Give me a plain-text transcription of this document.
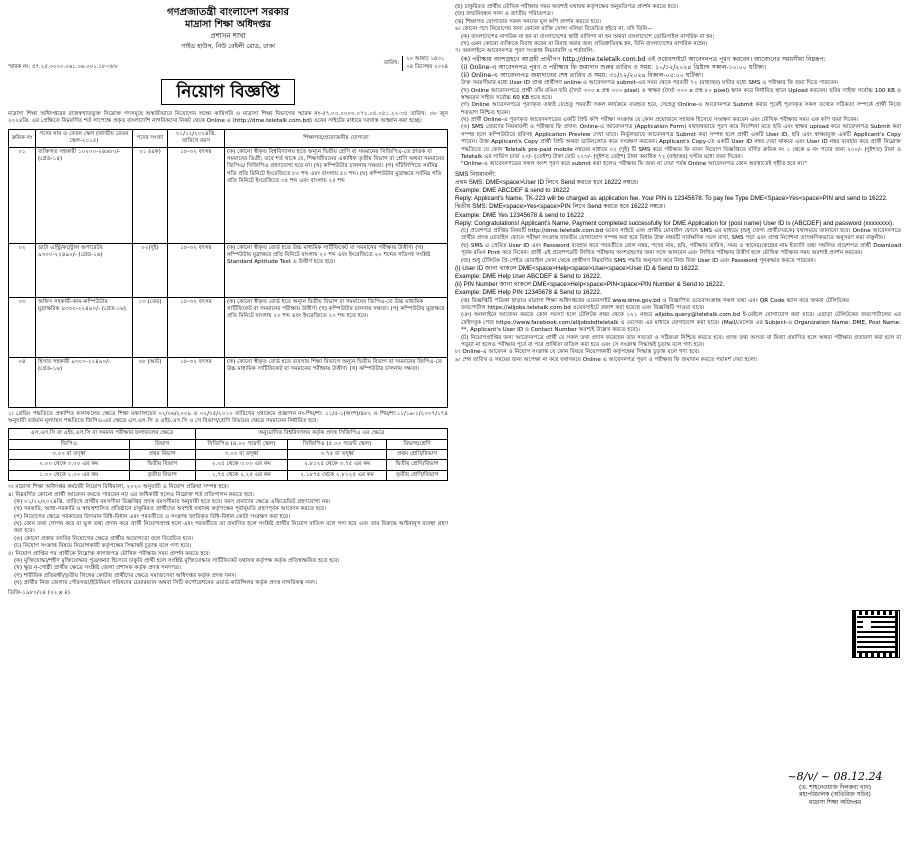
গণপ্রজাতন্ত্রী বাংলাদেশ সরকার
মাদ্রাসা শিক্ষা অধিদপ্তর
প্রশাসন শাখা
গাইড হাউস, নিউ বেইলী রোড, ঢাকা
স্মারক নং: ৫৭.২৫.০০০০.০৬১.০৬.০০১.১৮-৩৮৮
তারিখ:
২০ আষাঢ় ১৪৩১
০৪ ডিসেম্বর ২০২৪
নিয়োগ বিজ্ঞপ্তি
মাদ্রাসা শিক্ষা অধিদপ্তরের রাজস্বখাতভুক্ত নিম্নোক্ত পদসমূহে অস্থায়ীভাবে নিয়োগের লক্ষ্যে কারিগরি ও মাদ্রাসা শিক্ষা বিভাগের স্মারক নং-৫৭.০০.০০০০.০৭২.০৫.০৫১.২২-৩৫ তারিখ: ০৮ জুন ২০২৪খ্রি. এর প্রেক্ষিতে নিম্নবর্ণিত শর্ত সাপেক্ষে প্রকৃত বাংলাদেশি নাগরিকদের নিকট থেকে Online এ (http://dme.teletalk.com.bd) ওয়েব সাইটের মাধ্যমে দরখাস্ত আহ্বান করা হচ্ছে।
ক্রমিক নং	পদের নাম ও বেতন স্কেল (জাতীয় বেতন স্কেল-২০১৫)	পদের সংখ্যা	০১/১২/২০২৪খ্রি. তারিখে বয়স	শিক্ষাগত/প্রয়োজনীয় যোগ্যতা
০১	ব্যক্তিগত সহকারী ১০২০০-২৪৬৮০/- (গ্রেড-১৪)	০১ (এক)	১৮-৩২ বৎসর	(ক) কোনো স্বীকৃত বিশ্ববিদ্যালয় হতে অন্যূন দ্বিতীয় শ্রেণি বা সমমানের সিজিপিএ-তে স্নাতক বা সমমানের ডিগ্রী; তবে শর্ত থাকে যে, শিক্ষাজীবনের একাধিক তৃতীয় বিভাগ বা শ্রেণি অথবা সমমানের জিপিএ/ সিজিপিএ গ্রহণযোগ্য হবে না। (খ) কম্পিউটার চালনায় দক্ষতা। (গ) সাঁটলিপিতে সর্বনিম্ন গতি প্রতি মিনিটে ইংরেজিতে ৮০ শব্দ এবং বাংলায় ৫০ শব্দ। (ঘ) কম্পিউটার মুদ্রাক্ষরে সর্বনিম্ন গতি প্রতি মিনিটে ইংরেজিতে ৩৫ শব্দ এবং বাংলায় ২৫ শব্দ
০২	ডাটা এন্ট্রি/কন্ট্রোল অপারেটর ৯৩০০-২২৪৯০/- (গ্রেড-১৬)	০২(দুই)	১৮-৩২ বৎসর	(ক) কোনো স্বীকৃত বোর্ড হতে উচ্চ মাধ্যমিক সার্টিফিকেট বা সমমানের পরীক্ষায় উত্তীর্ণ। (খ) কম্পিউটার মুদ্রাক্ষরে প্রতি মিনিটে বাংলায় ২০ শব্দ এবং ইংরেজিতে ২০ শব্দের গতিসহ সংশ্লিষ্ট Standard Aptitude Test এ উত্তীর্ণ হতে হবে।
০৩	অফিস সহকারী-কাম-কম্পিউটার মুদ্রাক্ষরিক ৯৩০০-২২৪৯০/- (গ্রেড-১৬)	১৩ (তের)	১৮-৩২ বৎসর	(ক) কোনো স্বীকৃত বোর্ড হতে অন্যূন দ্বিতীয় বিভাগ বা সমমানের জিপিএ-তে উচ্চ মাধ্যমিক সার্টিফিকেট বা সমমানের পরীক্ষায় উত্তীর্ণ। (খ) কম্পিউটার চালনায় দক্ষতা। (গ) কম্পিউটার মুদ্রাক্ষরে প্রতি মিনিটে বাংলায় ২০ শব্দ এবং ইংরেজিতে ২০ শব্দ হতে হবে।
০৪	হিসাব সহকারী ৯৩০০-২২৪৯০/- (গ্রেড-১৬)	০৮ (আট)	১৮-৩২ বৎসর	(ক) কোনো স্বীকৃত বোর্ড হতে ব্যবসায় শিক্ষা বিভাগে অন্যূন দ্বিতীয় বিভাগ বা সমমানের জিপিএ-তে উচ্চ মাধ্যমিক সার্টিফিকেট বা সমমানের পরীক্ষায় উত্তীর্ণ। (খ) কম্পিউটার চালনায় দক্ষতা।
১। গ্রেডিং পদ্ধতিতে প্রকাশিত ফলাফলের ক্ষেত্রে শিক্ষা মন্ত্রণালয়ের ০২/০৬/২০০৯ ও ০২/০৫/২০১০ তারিখের যথাক্রমে প্রজ্ঞাপন নং-শিম/শা: ১১/৫-১(অংশ)/৪৮২ ও শিম/শা:১১/১৯-১/২০০৭/১৭৪ অনুযায়ী বর্তমান মূল্যায়ন পদ্ধতিতে জিপিএ-এর ক্ষেত্রে এস.এস.সি ও এইচ.এস.সি ও সে বিভাগ/শ্রেণি উভয়ের ক্ষেত্রে সমমানের নির্ধারিত হবে:
এস.এস.সি বা এইচ.এস.সি বা সমমান পরীক্ষার ফলাফলের ক্ষেত্রে		অনুমোদিত বিশ্ববিদ্যালয় কর্তৃক প্রদত্ত সিজিপিএ এর ক্ষেত্রে		
জিপিএ	বিভাগ	সিজিপিএ (৪.০০ পয়েন্ট স্কেল)	সিজিপিএ (৫.০০ পয়েন্ট স্কেল)	বিভাগ/শ্রেণি
৩.০০ বা তদূর্ধ্ব	প্রথম বিভাগ	৩.০০ বা তদূর্ধ্ব	৩.৭৫ বা তদূর্ধ্ব	প্রথম শ্রেণি/বিভাগ
২.০০ থেকে ৩.০০ এর কম	দ্বিতীয় বিভাগ	২.২৫ থেকে ৩.০০ এর কম	২.৮১২৫ থেকে ৩.৭৫ এর কম	দ্বিতীয় শ্রেণি/বিভাগ
১.০০ থেকে ২.০০ এর কম	তৃতীয় বিভাগ	১.৭৫ থেকে ২.২৫ এর কম	২.১৮৭৫ থেকে ২.৮১২৫ এর কম	তৃতীয় শ্রেণি/বিভাগ
৩। মাদ্রাসা শিক্ষা অধিদপ্তর কর্মচারী নিয়োগ বিধিমালা, ২০২০ অনুযায়ী এ নিয়োগ প্রক্রিয়া সম্পন্ন হবে।
৪। নিম্নবর্ণিত কোনো প্রার্থী আবেদন করতে পারবেন না/ এর অধিকারী হলেও নিম্নোক্ত শর্ত প্রতিপালন করতে হবে:
(ক) ০১/১২/২০২৪খ্রি. তারিখে প্রার্থীর বয়সসীমা বিজ্ঞপ্তির প্রদত্ত বয়সসীমার অনুযায়ী হতে হবে। বয়স প্রমাণের ক্ষেত্রে এফিডেভিট গ্রহণযোগ্য নয়।
(খ) সরকারি, আধা-সরকারি ও স্বায়ত্তশাসিত প্রতিষ্ঠানে চাকুরিরত প্রার্থীদের অবশ্যই যথাযথ কর্তৃপক্ষের পূর্বানুমতি গ্রহণপূর্বক আবেদন করতে হবে।
(গ) নিয়োগের ক্ষেত্রে সরকারের বিদ্যমান বিধি-বিধান এবং পরবর্তীতে এ সংক্রান্ত জারিকৃত বিধি-বিধান কোটা সংরক্ষণ করা হবে।
(ঘ) কোন তথ্য গোপন করে বা ভুল তথ্য প্রদান করে প্রার্থী নিয়োগপ্রাপ্ত হলে এবং পরবর্তীতে তা প্রমাণিত হলে সংশ্লিষ্ট প্রার্থীর নিয়োগ বাতিল বলে গণ্য হবে এবং তার বিরুদ্ধে আইনানুগ ব্যবস্থা গ্রহণ করা হবে।
(ঙ) কোনো প্রকার তদবির নিয়োগের ক্ষেত্রে প্রার্থীর অযোগ্যতা বলে বিবেচিত হবে।
(চ) নিয়োগ সংক্রান্ত বিষয়ে নিয়োগকারী কর্তৃপক্ষের সিদ্ধান্তই চূড়ান্ত বলে গণ্য হবে।
৫। নিয়োগ প্রাপ্তির পর প্রার্থীকে নিম্নোক্ত কাগজপত্র মৌখিক পরীক্ষার সময় প্রদর্শন করতে হবে:
(ক) মুক্তিযোদ্ধা/শহীদ মুক্তিযোদ্ধার পুত্র/কন্যা হিসেবে চাকুরি প্রার্থী হলে সংশ্লিষ্ট মুক্তিযোদ্ধার সার্টিফিকেট যথাযথ কর্তৃপক্ষ কর্তৃক প্রতিস্বাক্ষরিত হতে হবে।
(খ) ক্ষুদ্র নৃ-গোষ্ঠী প্রার্থীর ক্ষেত্রে সংশ্লিষ্ট জেলা প্রশাসক কর্তৃক প্রদত্ত সনদপত্র।
(গ) শারীরিক প্রতিবন্ধী/তৃতীয় লিঙ্গের কোটায় প্রার্থীদের ক্ষেত্রে সমাজসেবা অধিদপ্তর কর্তৃক প্রদত্ত সনদ।
(ঘ) প্রার্থীর নিজ জেলার পৌরসভা/ইউনিয়ন পরিষদের চেয়ারম্যান অথবা সিটি কর্পোরেশনের ওয়ার্ড কাউন্সিলর কর্তৃক প্রদত্ত নাগরিকত্ব সনদ।
ডিজি-১৯৮০/২৪ (২২ x ৪)
(ছ) চাকুরিরত প্রার্থীর মৌখিক পরীক্ষার সময় অবশ্যই যথাযথ কর্তৃপক্ষের অনুমতিপত্র প্রদর্শন করতে হবে।
(জ) জন্মনিবন্ধন সনদ ও জাতীয় পরিচয়পত্র।
(ঝ) শিক্ষাগত যোগ্যতার সকল সনদের মূল কপি প্রদর্শন করতে হবে।
৬। কোনো পদে নিয়োগের জন্য কোনো ব্যক্তি যোগ্য বলিয়া বিবেচিত হইবে না, যদি তিনি—
(ক) বাংলাদেশের নাগরিক না হন বা বাংলাদেশের স্থায়ী বাসিন্দা না হন অথবা বাংলাদেশে ডোমিসাইল নাগরিক না হন;
(খ) এমন কোনো ব্যক্তিকে বিবাহ করেন বা বিবাহ করার জন্য প্রতিশ্রুতিবদ্ধ হন, যিনি বাংলাদেশের নাগরিক নহেন।
৭। অনলাইনে আবেদনপত্র পূরণ সংক্রান্ত নিয়মাবলি ও শর্তাবলি:
(ক) পরীক্ষায় অংশগ্রহণে আগ্রহী প্রার্থীগণ http://dme.teletalk.com.bd এই ওয়েবসাইটে আবেদনপত্র পূরণ করবেন। আবেদনের সময়সীমা নিম্নরূপ:
(i) Online-এ আবেদনপত্র পূরণ ও পরীক্ষার ফি জমাদান শুরুর তারিখ ও সময়: ১০/১২/২০২৪ খ্রিষ্টাব্দ সকাল-১০:০০ ঘটিকা।
(ii) Online-এ আবেদনপত্র জমাদানের শেষ তারিখ ও সময়: ৩১/১২/২০২৪ বিকাল-০৫:০০ ঘটিকা।
উক্ত সময়সীমার মধ্যে User ID প্রাপ্ত প্রার্থীগণ online-এ আবেদনপত্র submit-এর সময় থেকে পরবর্তী ৭২ (বাহাত্তর) ঘণ্টার মধ্যে SMS এ পরীক্ষার ফি জমা দিতে পারবেন।
(খ) Online আবেদনপত্রে প্রার্থী তাঁর রঙিন ছবি (দৈর্ঘ্য ৩০০ x প্রস্থ ৩০০ pixel) ও স্বাক্ষর (দৈর্ঘ্য ৩০০ x প্রস্থ ৮০ pixel) স্ক্যান করে নির্ধারিত স্থানে Upload করবেন। ছবির সাইজ সর্বোচ্চ 100 KB ও স্বাক্ষরের সাইজ সর্বোচ্চ 60 KB হতে হবে।
(গ) Online আবেদনপত্রে পূরণকৃত তথ্যই যেহেতু পরবর্তী সকল কার্যক্রমে ব্যবহৃত হবে, সেহেতু Online-এ আবেদনপত্র Submit করার পূর্বেই পূরণকৃত সকল তথ্যের সঠিকতা সম্পর্কে প্রার্থী নিজে শতভাগ নিশ্চিত হবেন।
(ঘ) প্রার্থী Online-এ পূরণকৃত আবেদনপত্রের একটি প্রিন্ট কপি পরীক্ষা সংক্রান্ত যে কোন প্রয়োজনে সহায়ক হিসেবে সংরক্ষণ করবেন এবং মৌখিক পরীক্ষার সময় এক কপি জমা দিবেন।
(ঙ) SMS প্রেরণের নিয়মাবলী ও পরীক্ষার ফি প্রদান: Online-এ আবেদনপত্র (Application Form) যথাযথভাবে পূরণ করে নির্দেশনা মতে ছবি এবং স্বাক্ষর upload করে আবেদনপত্র Submit করা সম্পন্ন হলে কম্পিউটারে ছবিসহ Application Preview দেখা যাবে। নির্ভুলভাবে আবেদনপত্র Submit করা সম্পন্ন হলে প্রার্থী একটি User ID, ছবি এবং স্বাক্ষরযুক্ত একটি Applicant's Copy পাবেন। উক্ত Applicant's Copy প্রার্থী প্রিন্ট অথবা ডাউনলোড করে সংরক্ষণ করবেন। Applicant's Copy-তে একটি User ID নম্বর দেয়া থাকবে এবং User ID নম্বর ব্যবহার করে প্রার্থী নিম্নোক্ত পদ্ধতিতে যে কোন Teletalk pre-paid mobile নম্বরের মাধ্যমে ০২ (দুই) টি SMS করে পরীক্ষার ফি বাবদ নিয়োগ বিজ্ঞপ্তিতে বর্ণিত ক্রমিক নং ১ থেকে ৪ নং পদের জন্য ২০০/- (দুইশত) টাকা ও Teletalk এর সার্ভিস চার্জ ২৩/- (তেইশ) টাকা মোট ২২৩/- (দুইশত তেইশ) টাকা অনধিক ৭২ (বাহাত্তর) ঘণ্টার মধ্যে জমা দিবেন।
"Online-এ আবেদনপত্রের সকল অংশ পূরণ করে submit করা হলেও পরীক্ষার ফি জমা না দেয়া পর্যন্ত Online আবেদনপত্র কোন অবস্থাতেই গৃহীত হবে না।"
SMS নিয়মাবলী:
প্রথম SMS: DME<space>User ID লিখে Send করতে হবে 16222 নম্বরে।
Example: DME ABCDEF & send to 16222
Reply: Applicant's Name, TK-223 will be charged as application fee. Your PIN is 12345678. To pay fee Type DME<Space>Yes<space>PIN and send to 16222.
দ্বিতীয় SMS: DME<space>Yes<space>PIN লিখে Send করতে হবে 16222 নম্বরে।
Example: DME Yes 12345678 & send to 16222
Reply: Congratulations! Applicant's Name, Payment completed successfully for DME Application for (post name) User ID is (ABCDEF) and password (xxxxxxxx).
(চ) প্রবেশপত্র প্রাপ্তির বিষয়টি http://dme.teletalk.com.bd ওয়েব সাইটে এবং প্রার্থীর মোবাইল ফোনে SMS এর মাধ্যমে (শুধু যোগ্য প্রার্থীদেরকে) যথাসময়ে জানানো হবে। Online আবেদনপত্রে প্রার্থীর প্রদত্ত মোবাইল ফোনে পরীক্ষা সংক্রান্ত যাবতীয় যোগাযোগ সম্পন্ন করা হবে বিধায় উক্ত নম্বরটি সার্বক্ষণিক সচল রাখা, SMS পড়া এবং প্রাপ্ত নির্দেশনা তাৎক্ষণিকভাবে অনুসরণ করা বাঞ্ছনীয়।
(ছ) SMS এ প্রেরিত User ID এবং Password ব্যবহার করে পরবর্তীতে রোল নম্বর, পদের নাম, ছবি, পরীক্ষার তারিখ, সময় ও স্থানের/কেন্দ্রের নাম ইত্যাদি তথ্য সম্বলিত প্রবেশপত্র প্রার্থী Download পূর্বক রঙিন Print করে নিবেন। প্রার্থী এই প্রবেশপত্রটি লিখিত পরীক্ষায় অংশগ্রহণের জন্য সঙ্গে আনবেন এবং লিখিত পরীক্ষায় উত্তীর্ণ হলে মৌখিক পরীক্ষার সময় অবশ্যই প্রদর্শন করবেন।
(জ) শুধু টেলিটক প্রি-পেইড মোবাইল ফোন থেকে প্রার্থীগণ নিম্নবর্ণিত SMS পদ্ধতি অনুসরণ করে নিজ নিজ User ID এবং Password পুনরুদ্ধার করতে পারবেন।
(i) User ID জানা থাকলে DME<space>Help<space>User<space>User ID & Send to 16222.
Example: DME Help User ABCDEF & Send to 16222.
(ii) PIN Number জানা থাকলে DME<space>Help<space>PIN<space>PIN Number & Send to 16222.
Example: DME Help PIN 12345678 & Send to 16222.
(ঝ) বিজ্ঞপ্তিটি পত্রিকা ছাড়াও মাদ্রাসা শিক্ষা অধিদপ্তরের ওয়েবসাইট www.dme.gov.bd ও বিজ্ঞাপিত ওয়েবসংক্রান্ত সকল তথ্য এবং QR Code স্ক্যান করে অথবা টেলিটকের জবপোর্টাল https://alljobs.teletalk.com.bd ওয়েবসাইটে প্রকাশ করা হয়েছে এবং বিজ্ঞপ্তিটি পাওয়া যাবে।
(ঞ) অনলাইনে আবেদন করতে কোন সমস্যা হলে টেলিটক নম্বর থেকে ১২১ নম্বরে alljobs.query@teletalk.com.bd ই-মেইলে যোগাযোগ করা যাবে। এছাড়া টেলিটকের জবপোর্টালের এর ফেইসবুক পেজ https://www.facebook.com/alljobsbdteletalk এ মেসেজ এর মাধ্যমে যোগাযোগ করা যাবে। (Mail/মেসেজ এর Subject-এ Organization Name: DME, Post Name: **, Applicant's User ID ও Contact Number অবশ্যই উল্লেখ করতে হবে)।
(ট) নিয়োগপ্রাপ্তির জন্য আবেদনপত্রে প্রার্থী যে সকল তথ্য প্রদান করেছেন তার সত্যতা ও সঠিকতা নিশ্চিত করতে হবে। প্রদত্ত তথ্য অসত্য বা মিথ্যা প্রমাণিত হলে অথবা পরীক্ষায় প্রতারণা করা হলে বা পড়ুয়া না হলেও পরীক্ষার পূর্বে বা পরে প্রার্থিতা বাতিল করা হবে এবং সে সংক্রান্ত সিদ্ধান্তই চূড়ান্ত বলে গণ্য হবে।
৮। Online-এ আবেদন ও নিয়োগ সংক্রান্ত যে কোন বিষয়ে নিয়োগকারী কর্তৃপক্ষের সিদ্ধান্ত চূড়ান্ত বলে গণ্য হবে।
৯। শেষ তারিখ ও সময়ের জন্য অপেক্ষা না করে যথাসময়ে Online এ আবেদনপত্র পূরণ ও পরীক্ষার ফি জমাদান করতে পরামর্শ দেয়া হলো।
~8/v/ ~ 08.12.24
(ড. শাহনেওয়াজ দিলরুবা খান)
মহাপরিচালক (অতিরিক্ত সচিব)
মাদ্রাসা শিক্ষা অধিদপ্তর
